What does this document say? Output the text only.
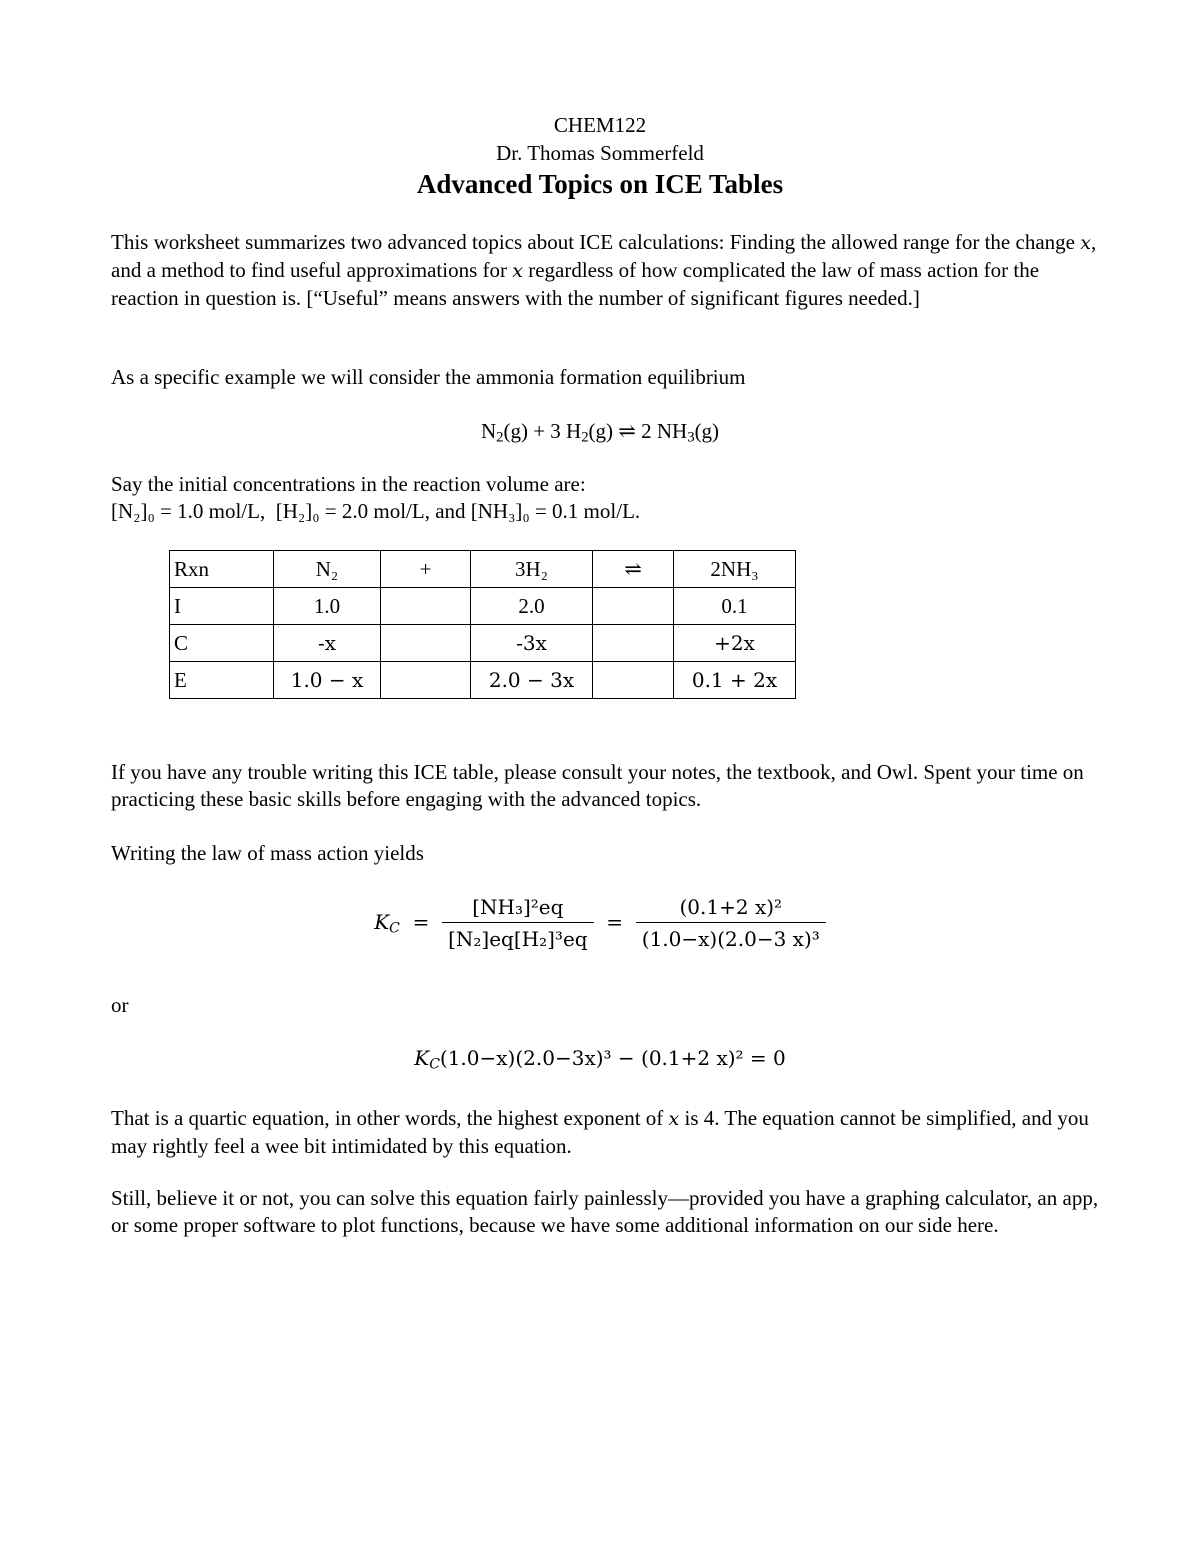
CHEM122
Dr. Thomas Sommerfeld
Advanced Topics on ICE Tables

This worksheet summarizes two advanced topics about ICE calculations: Finding the allowed range for the change x, and a method to find useful approximations for x regardless of how complicated the law of mass action for the reaction in question is. [“Useful” means answers with the number of significant figures needed.]

As a specific example we will consider the ammonia formation equilibrium
$N_2(g) + 3$ $H_2(g)$ ⇌ 2 $NH_3(g)$

Say the initial concentrations in the reaction volume are:

[N₂]₀ = 1.0 mol/L, [H₂]₀ = 2.0 mol/L, and [NH₃]₀ = 0.1 mol/L.

Rxn	N₂	+	3H₂	⇌	2NH₃
I	1.0		2.0		0.1
C	-x		-3x		+2x
E	1.0 − x		2.0 − 3x		0.1 + 2x
If you have any trouble writing this ICE table, please consult your notes, the textbook, and Owl. Spent your time on practicing these basic skills before engaging with the advanced topics.
Writing the law of mass action yields
$K_C = \frac{\text{[NH₃]²eq}}{\text{[N₂]eq[H₂]³eq}} = \frac{\text{(0.1+2 x)²}}{\text{(1.0−x)(2.0−3 x)³}}$
or
$K_C(1.0-x)(2.0-3x)^3 - (0.1+2$ x)² = 0

That is a quartic equation, in other words, the highest exponent of x is 4. The equation cannot be simplified, and you may rightly feel a wee bit intimidated by this equation.

Still, believe it or not, you can solve this equation fairly painlessly—provided you have a graphing calculator, an app, or some proper software to plot functions, because we have some additional information on our side here.
